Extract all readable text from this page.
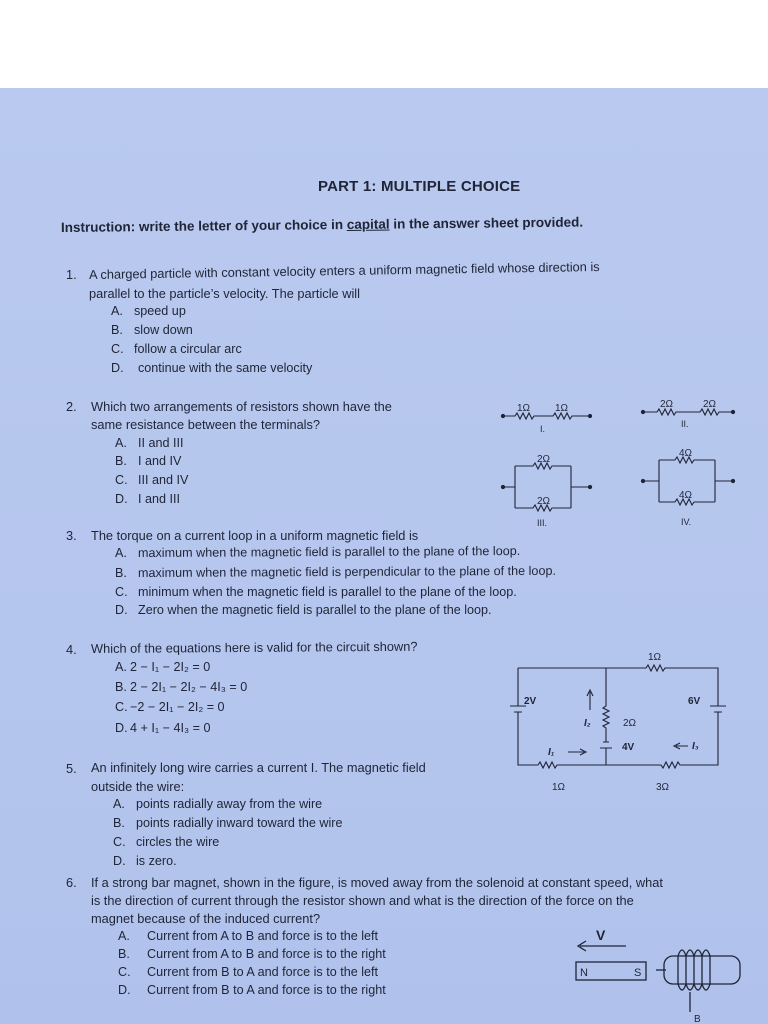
PART 1: MULTIPLE CHOICE
Instruction: write the letter of your choice in capital in the answer sheet provided.
1. A charged particle with constant velocity enters a uniform magnetic field whose direction is
parallel to the particle’s velocity. The particle will
A. speed up
B. slow down
C. follow a circular arc
D. continue with the same velocity
2. Which two arrangements of resistors shown have the
same resistance between the terminals?
A. II and III
B. I and IV
C. III and IV
D. I and III
1Ω 1Ω	2Ω	2Ω
2Ω
2Ω
4Ω
4Ω
I.	II.
III.	IV.
3. The torque on a current loop in a uniform magnetic field is
A. maximum when the magnetic field is parallel to the plane of the loop.
B. maximum when the magnetic field is perpendicular to the plane of the loop.
C. minimum when the magnetic field is parallel to the plane of the loop.
D. Zero when the magnetic field is parallel to the plane of the loop.
4. Which of the equations here is valid for the circuit shown?
A. 2 − I₁ − 2I₂ = 0
B. 2 − 2I₁ − 2I₂ − 4I₃ = 0
C. −2 − 2I₁ − 2I₂ = 0
D. 4 + I₁ − 4I₃ = 0
1Ω
2Ω
1Ω	3Ω
2V
4V
6V
I₁
I₂
I₃
5. An infinitely long wire carries a current I. The magnetic field
outside the wire:
A. points radially away from the wire
B. points radially inward toward the wire
C. circles the wire
D. is zero.
6. If a strong bar magnet, shown in the figure, is moved away from the solenoid at constant speed, what
is the direction of current through the resistor shown and what is the direction of the force on the
magnet because of the induced current?
A. Current from A to B and force is to the left
B. Current from A to B and force is to the right
C. Current from B to A and force is to the left
D. Current from B to A and force is to the right
V
N	S
B
